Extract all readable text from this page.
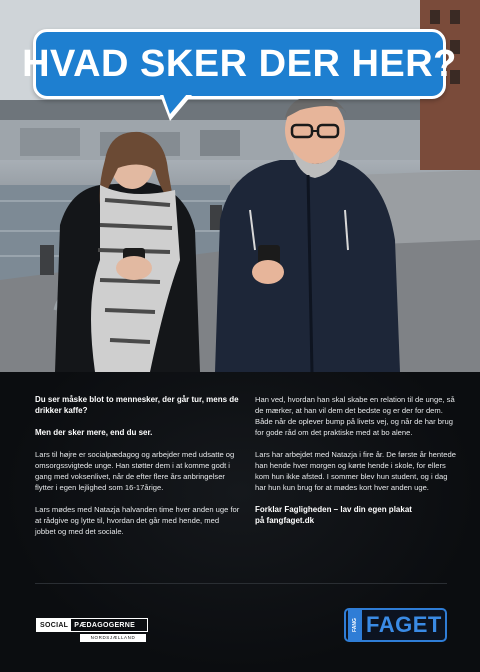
HVAD SKER DER HER?

Du ser måske blot to mennesker, der går tur, mens de drikker kaffe?

Men der sker mere, end du ser.

Lars til højre er socialpædagog og arbejder med udsatte og omsorgssvigtede unge. Han støtter dem i at komme godt i gang med voksenlivet, når de efter flere års anbringelser flytter i egen lejlighed som 16-17årige.

Lars mødes med Natazja halvanden time hver anden uge for at rådgive og lytte til, hvordan det går med hende, med jobbet og med det sociale.

Han ved, hvordan han skal skabe en relation til de unge, så de mærker, at han vil dem det bedste og er der for dem. Både når de oplever bump på livets vej, og når de har brug for gode råd om det praktiske med at bo alene.

Lars har arbejdet med Natazja i fire år. De første år hentede han hende hver morgen og kørte hende i skole, for ellers kom hun ikke afsted. I sommer blev hun student, og i dag har hun kun brug for at mødes kort hver anden uge.

Forklar Fagligheden – lav din egen plakat

på fangfaget.dk

SOCIAL PÆDAGOGERNE
NORDSJÆLLAND
FANG FAGET
